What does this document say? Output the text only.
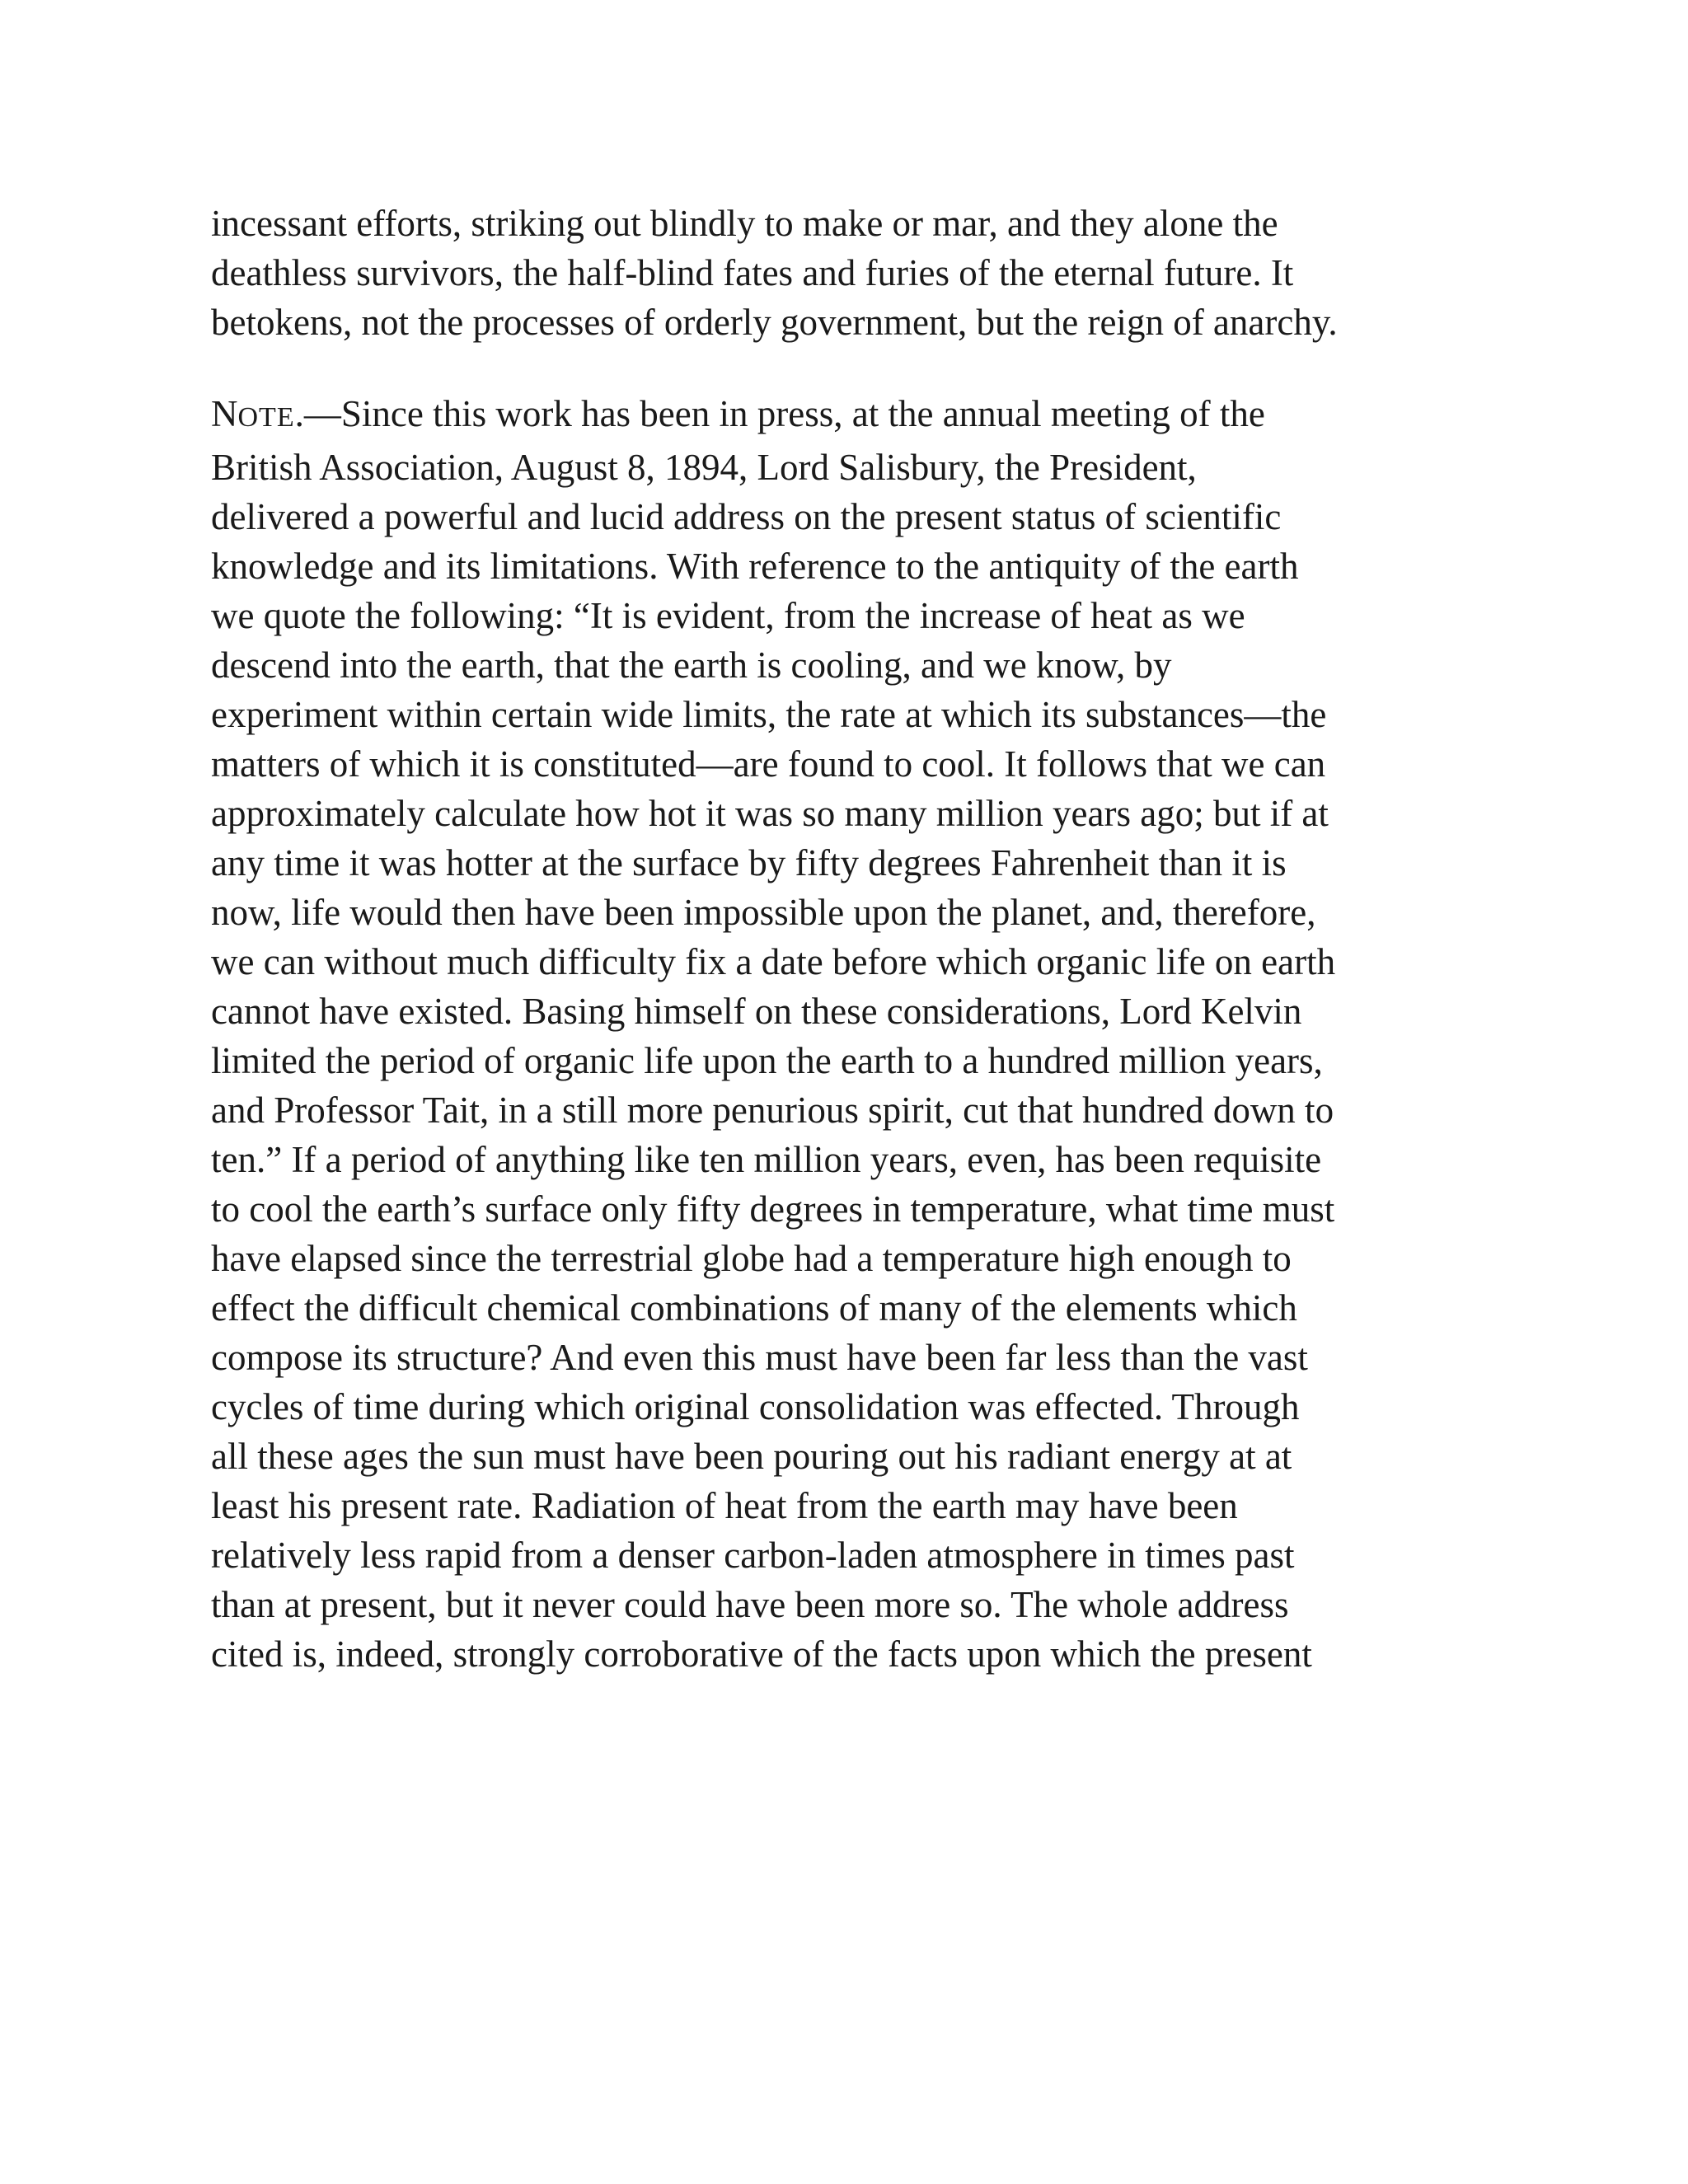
incessant efforts, striking out blindly to make or mar, and they alone the
deathless survivors, the half-blind fates and furies of the eternal future. It
betokens, not the processes of orderly government, but the reign of anarchy.

NOTE.—Since this work has been in press, at the annual meeting of the
British Association, August 8, 1894, Lord Salisbury, the President,
delivered a powerful and lucid address on the present status of scientific
knowledge and its limitations. With reference to the antiquity of the earth
we quote the following: “It is evident, from the increase of heat as we
descend into the earth, that the earth is cooling, and we know, by
experiment within certain wide limits, the rate at which its substances—the
matters of which it is constituted—are found to cool. It follows that we can
approximately calculate how hot it was so many million years ago; but if at
any time it was hotter at the surface by fifty degrees Fahrenheit than it is
now, life would then have been impossible upon the planet, and, therefore,
we can without much difficulty fix a date before which organic life on earth
cannot have existed. Basing himself on these considerations, Lord Kelvin
limited the period of organic life upon the earth to a hundred million years,
and Professor Tait, in a still more penurious spirit, cut that hundred down to
ten.” If a period of anything like ten million years, even, has been requisite
to cool the earth’s surface only fifty degrees in temperature, what time must
have elapsed since the terrestrial globe had a temperature high enough to
effect the difficult chemical combinations of many of the elements which
compose its structure? And even this must have been far less than the vast
cycles of time during which original consolidation was effected. Through
all these ages the sun must have been pouring out his radiant energy at at
least his present rate. Radiation of heat from the earth may have been
relatively less rapid from a denser carbon-laden atmosphere in times past
than at present, but it never could have been more so. The whole address
cited is, indeed, strongly corroborative of the facts upon which the present
